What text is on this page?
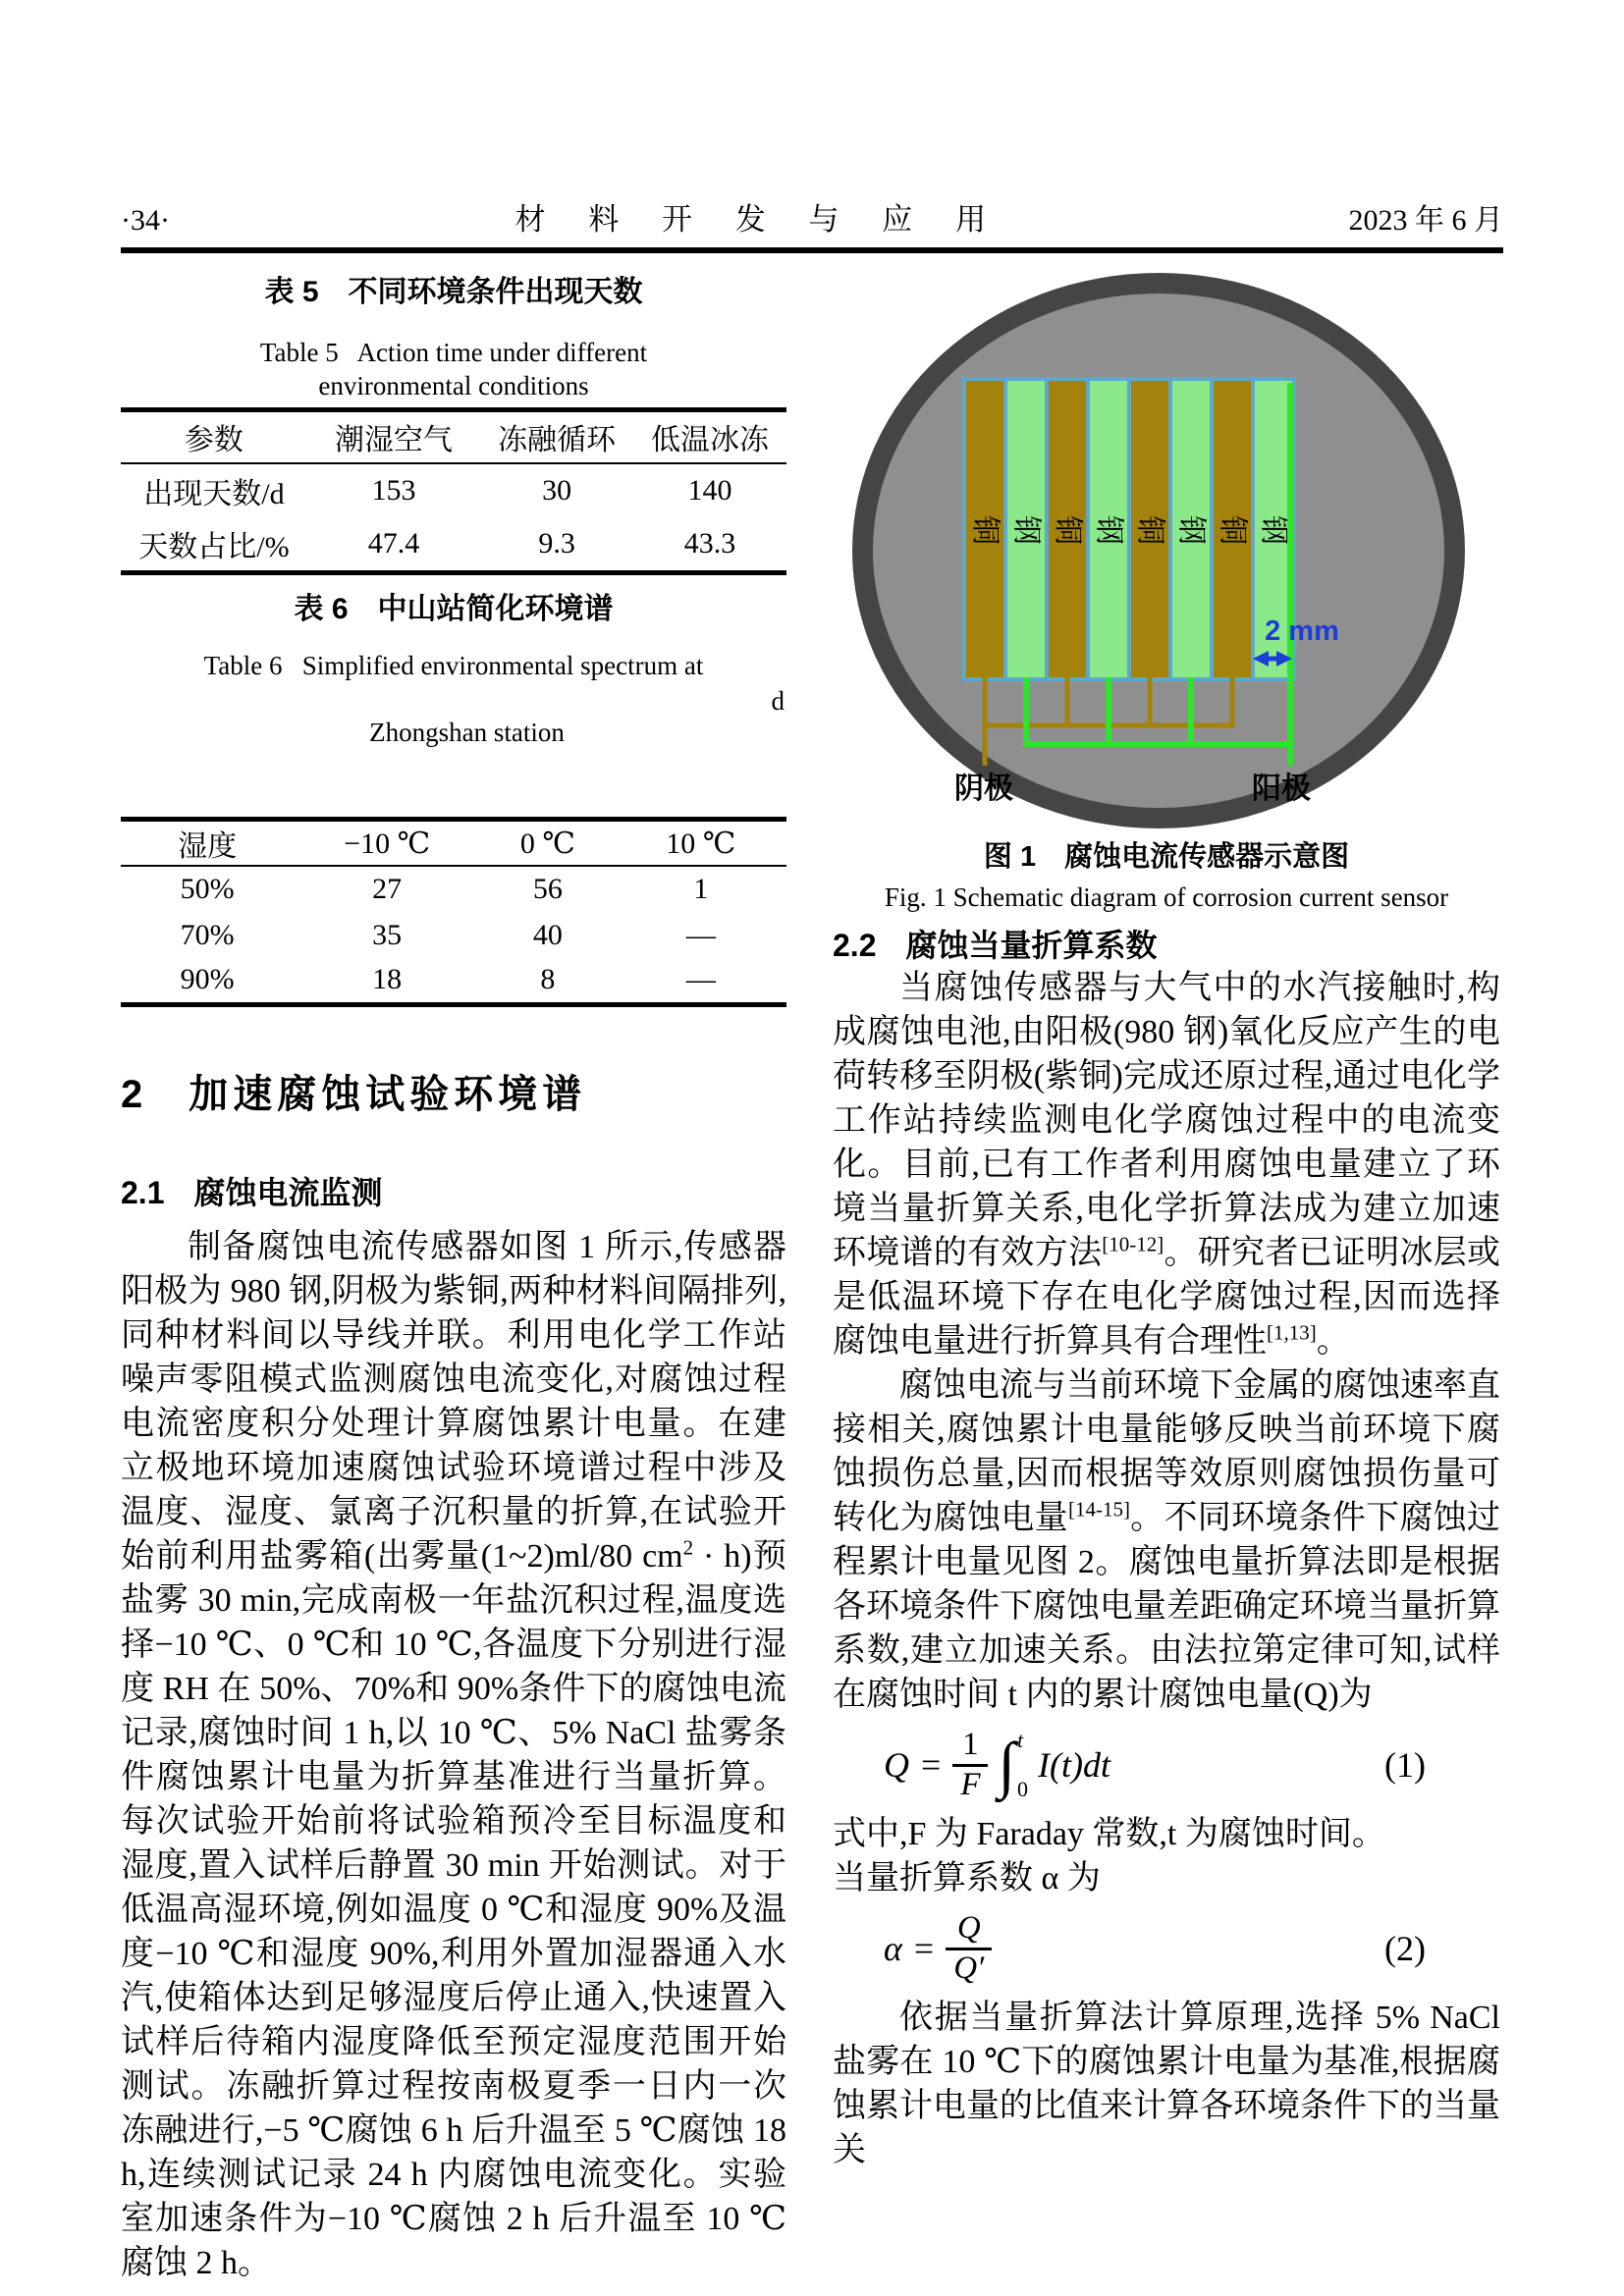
·34·	材 料 开 发 与 应 用	2023 年 6 月
表 5　不同环境条件出现天数
Table 5   Action time under different
environmental conditions
参数	潮湿空气	冻融循环	低温冰冻
出现天数/d	153	30	140
天数占比/%	47.4	9.3	43.3
表 6　中山站简化环境谱
Table 6   Simplified environmental spectrum at

Zhongshan station

d

湿度	−10 ℃	0 ℃	10 ℃
50%	27	56	1
70%	35	40	—
90%	18	8	—
2 加速腐蚀试验环境谱
2.1 腐蚀电流监测

制备腐蚀电流传感器如图 1 所示,传感器阳极为 980 钢,阴极为紫铜,两种材料间隔排列,同种材料间以导线并联。利用电化学工作站噪声零阻模式监测腐蚀电流变化,对腐蚀过程电流密度积分处理计算腐蚀累计电量。在建立极地环境加速腐蚀试验环境谱过程中涉及温度、湿度、氯离子沉积量的折算,在试验开始前利用盐雾箱(出雾量(1~2)ml/80 cm$^2$ · h)预盐雾 30 min,完成南极一年盐沉积过程,温度选择−10 ℃、0 ℃和 10 ℃,各温度下分别进行湿度 RH 在 50%、70%和 90%条件下的腐蚀电流记录,腐蚀时间 1 h,以 10 ℃、5% NaCl 盐雾条件腐蚀累计电量为折算基准进行当量折算。每次试验开始前将试验箱预冷至目标温度和湿度,置入试样后静置 30 min 开始测试。对于低温高湿环境,例如温度 0 ℃和湿度 90%及温度−10 ℃和湿度 90%,利用外置加湿器通入水汽,使箱体达到足够湿度后停止通入,快速置入试样后待箱内湿度降低至预定湿度范围开始测试。冻融折算过程按南极夏季一日内一次冻融进行,−5 ℃腐蚀 6 h 后升温至 5 ℃腐蚀 18 h,连续测试记录 24 h 内腐蚀电流变化。实验室加速条件为−10 ℃腐蚀 2 h 后升温至 10 ℃腐蚀 2 h。

铜 钢 铜 钢 铜 钢 铜 钢
阴极	阳极
2 mm
图 1　腐蚀电流传感器示意图
Fig. 1 Schematic diagram of corrosion current sensor
2.2 腐蚀当量折算系数

当腐蚀传感器与大气中的水汽接触时,构成腐蚀电池,由阳极(980 钢)氧化反应产生的电荷转移至阴极(紫铜)完成还原过程,通过电化学工作站持续监测电化学腐蚀过程中的电流变化。目前,已有工作者利用腐蚀电量建立了环境当量折算关系,电化学折算法成为建立加速环境谱的有效方法[10-12]。研究者已证明冰层或是低温环境下存在电化学腐蚀过程,因而选择腐蚀电量进行折算具有合理性[1,13]。

腐蚀电流与当前环境下金属的腐蚀速率直接相关,腐蚀累计电量能够反映当前环境下腐蚀损伤总量,因而根据等效原则腐蚀损伤量可转化为腐蚀电量[14-15]。不同环境条件下腐蚀过程累计电量见图 2。腐蚀电量折算法即是根据各环境条件下腐蚀电量差距确定环境当量折算系数,建立加速关系。由法拉第定律可知,试样在腐蚀时间 t 内的累计腐蚀电量(Q)为

$Q = \frac{1}{F}$ ∫ t
0
I(t)dt	(1)
式中,F 为 Faraday 常数,t 为腐蚀时间。
当量折算系数 α 为
$\alpha = \frac{Q}{Q'}$	(2)

依据当量折算法计算原理,选择 5% NaCl 盐雾在 10 ℃下的腐蚀累计电量为基准,根据腐蚀累计电量的比值来计算各环境条件下的当量关
